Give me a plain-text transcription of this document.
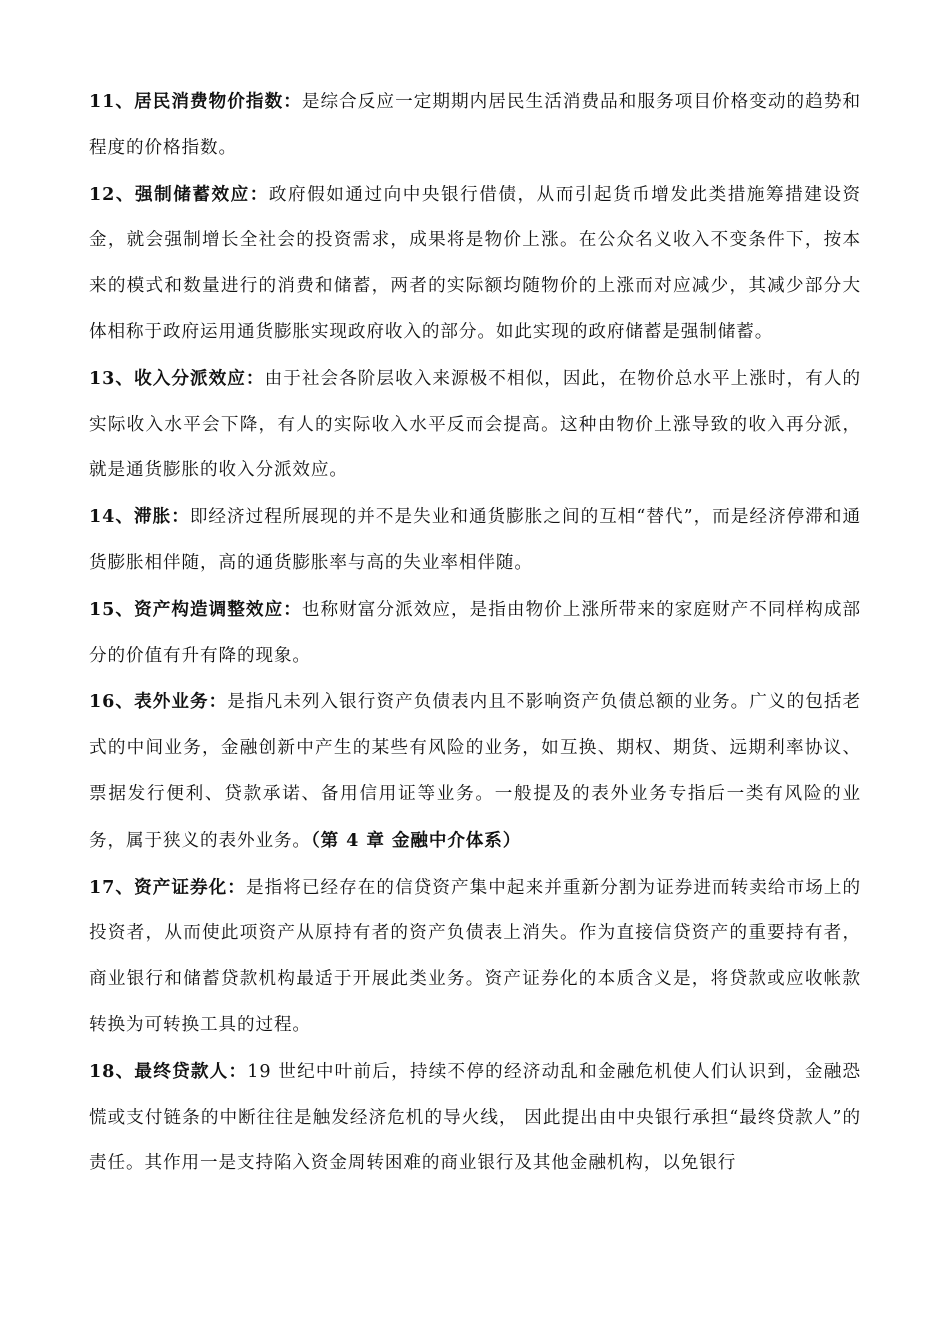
11、居民消费物价指数：是综合反应一定期期内居民生活消费品和服务项目价格变动的趋势和程度的价格指数。

12、强制储蓄效应：政府假如通过向中央银行借债，从而引起货币增发此类措施筹措建设资金，就会强制增长全社会的投资需求，成果将是物价上涨。在公众名义收入不变条件下，按本来的模式和数量进行的消费和储蓄，两者的实际额均随物价的上涨而对应减少，其减少部分大体相称于政府运用通货膨胀实现政府收入的部分。如此实现的政府储蓄是强制储蓄。

13、收入分派效应：由于社会各阶层收入来源极不相似，因此，在物价总水平上涨时，有人的实际收入水平会下降，有人的实际收入水平反而会提高。这种由物价上涨导致的收入再分派，就是通货膨胀的收入分派效应。

14、滞胀：即经济过程所展现的并不是失业和通货膨胀之间的互相“替代”，而是经济停滞和通货膨胀相伴随，高的通货膨胀率与高的失业率相伴随。

15、资产构造调整效应：也称财富分派效应，是指由物价上涨所带来的家庭财产不同样构成部分的价值有升有降的现象。

16、表外业务：是指凡未列入银行资产负债表内且不影响资产负债总额的业务。广义的包括老式的中间业务，金融创新中产生的某些有风险的业务，如互换、期权、期货、远期利率协议、票据发行便利、贷款承诺、备用信用证等业务。一般提及的表外业务专指后一类有风险的业务，属于狭义的表外业务。（第 4 章 金融中介体系）

17、资产证券化：是指将已经存在的信贷资产集中起来并重新分割为证券进而转卖给市场上的投资者，从而使此项资产从原持有者的资产负债表上消失。作为直接信贷资产的重要持有者，商业银行和储蓄贷款机构最适于开展此类业务。资产证券化的本质含义是，将贷款或应收帐款转换为可转换工具的过程。

18、最终贷款人：19 世纪中叶前后，持续不停的经济动乱和金融危机使人们认识到，金融恐慌或支付链条的中断往往是触发经济危机的导火线， 因此提出由中央银行承担“最终贷款人”的责任。其作用一是支持陷入资金周转困难的商业银行及其他金融机构，以免银行
